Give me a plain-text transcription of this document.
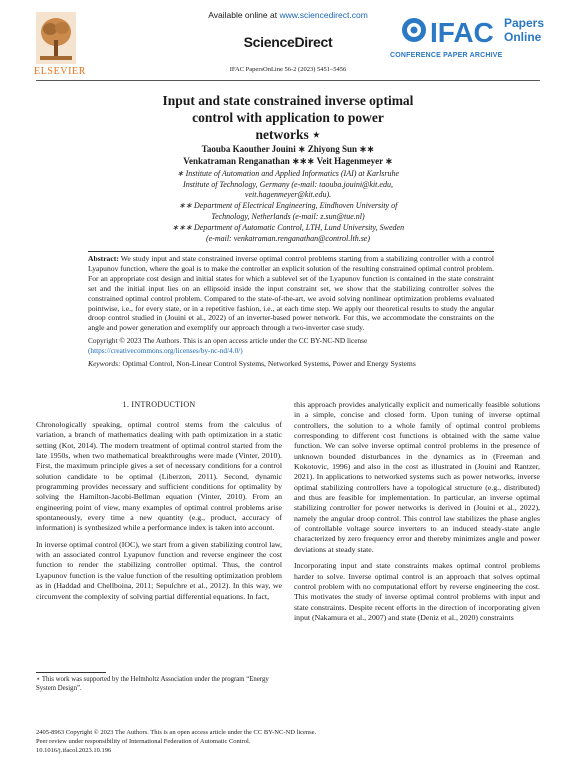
ELSEVIER
Available online at www.sciencedirect.com
ScienceDirect
IFAC PapersOnLine 56-2 (2023) 5451–5456
IFAC Papers
Online
CONFERENCE PAPER ARCHIVE
Input and state constrained inverse optimal
control with application to power
networks ⋆
Taouba Kaouther Jouini ∗ Zhiyong Sun ∗∗
Venkatraman Renganathan ∗∗∗ Veit Hagenmeyer ∗
∗ Institute of Automation and Applied Informatics (IAI) at Karlsruhe
Institute of Technology, Germany (e-mail: taouba.jouini@kit.edu,
veit.hagenmeyer@kit.edu).
∗∗ Department of Electrical Engineering, Eindhoven University of
Technology, Netherlands (e-mail: z.sun@tue.nl)
∗∗∗ Department of Automatic Control, LTH, Lund University, Sweden
(e-mail: venkatraman.renganathan@control.lth.se)
Abstract: We study input and state constrained inverse optimal control problems starting from a stabilizing controller with a control Lyapunov function, where the goal is to make the controller an explicit solution of the resulting constrained optimal control problem. For an appropriate cost design and initial states for which a sublevel set of the Lyapunov function is contained in the state constraint set and the initial input lies on an ellipsoid inside the input constraint set, we show that the stabilizing controller solves the constrained optimal control problem. Compared to the state-of-the-art, we avoid solving nonlinear optimization problems evaluated pointwise, i.e., for every state, or in a repetitive fashion, i.e., at each time step. We apply our theoretical results to study the angular droop control studied in (Jouini et al., 2022) of an inverter-based power network. For this, we accommodate the constraints on the angle and power generation and exemplify our approach through a two-inverter case study.
Copyright © 2023 The Authors. This is an open access article under the CC BY-NC-ND license
(https://creativecommons.org/licenses/by-nc-nd/4.0/)
Keywords: Optimal Control, Non-Linear Control Systems, Networked Systems, Power and Energy Systems
1. INTRODUCTION

Chronologically speaking, optimal control stems from the calculus of variation, a branch of mathematics dealing with path optimization in a static setting (Kot, 2014). The modern treatment of optimal control started from the late 1950s, when two mathematical breakthroughs were made (Vinter, 2010). First, the maximum principle gives a set of necessary conditions for a control solution candidate to be optimal (Liberzon, 2011). Second, dynamic programming provides necessary and sufficient conditions for optimality by solving the Hamilton-Jacobi-Bellman equation (Vinter, 2010). From an engineering point of view, many examples of optimal control problems arise spontaneously, every time a new quantity (e.g., product, accuracy of information) is synthesized while a performance index is taken into account.

In inverse optimal control (IOC), we start from a given stabilizing control law, with an associated control Lyapunov function and reverse engineer the cost function to render the stabilizing controller optimal. Thus, the control Lyapunov function is the value function of the resulting optimization problem as in (Haddad and Chellboina, 2011; Sepulchre et al., 2012). In this way, we circumvent the complexity of solving partial differential equations. In fact,

this approach provides analytically explicit and numerically feasible solutions in a simple, concise and closed form. Upon tuning of inverse optimal controllers, the solution to a whole family of optimal control problems corresponding to different cost functions is obtained with the same value function. We can solve inverse optimal control problems in the presence of unknown bounded disturbances in the dynamics as in (Freeman and Kokotovic, 1996) and also in the cost as illustrated in (Jouini and Rantzer, 2021). In applications to networked systems such as power networks, inverse optimal stabilizing controllers have a topological structure (e.g., distributed) and thus are feasible for implementation. In particular, an inverse optimal stabilizing controller for power networks is derived in (Jouini et al., 2022), namely the angular droop control. This control law stabilizes the phase angles of controllable voltage source inverters to an induced steady-state angle characterized by zero frequency error and thereby minimizes angle and power deviations at steady state.

Incorporating input and state constraints makes optimal control problems harder to solve. Inverse optimal control is an approach that solves optimal control problem with no computational effort by reverse engineering the cost. This motivates the study of inverse optimal control problems with input and state constraints. Despite recent efforts in the direction of incorporating given input (Nakamura et al., 2007) and state (Deniz et al., 2020) constraints

⋆ This work was supported by the Helmholtz Association under the program “Energy System Design”.
2405-8963 Copyright © 2023 The Authors. This is an open access article under the CC BY-NC-ND license.
Peer review under responsibility of International Federation of Automatic Control.
10.1016/j.ifacol.2023.10.196
